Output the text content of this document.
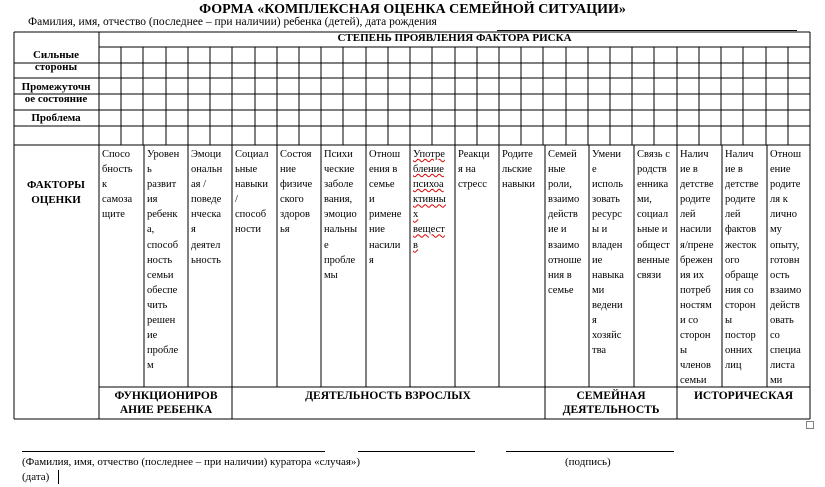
ФОРМА «КОМПЛЕКСНАЯ ОЦЕНКА СЕМЕЙНОЙ СИТУАЦИИ»
Фамилия, имя, отчество (последнее – при наличии) ребенка (детей), дата рождения
СТЕПЕНЬ ПРОЯВЛЕНИЯ ФАКТОРА РИСКА
Сильные
стороны
Промежуточн
ое состояние
Проблема
ФАКТОРЫ
ОЦЕНКИ
Спосо
бность
к
самоза
щите
Уровен
ь
развит
ия
ребенк
а,
способ
ность
семьи
обеспе
чить
решен
ие
пробле
м
Эмоци
ональн
ая /
поведе
нческа
я
деятел
ьность
Социал
ьные
навыки
/
способ
ности
Состоя
ние
физиче
ского
здоров
ья
Психи
ческие
заболе
вания,
эмоцио
нальны
е
пробле
мы
Отнош
ения в
семье
и
римене
ние
насили
я
Употре
бление
психоа
ктивны
х
вещест
в
Реакци
я на
стресс
Родите
льские
навыки
Семей
ные
роли,
взаимо
действ
ие и
взаимо
отноше
ния в
семье
Умени
е
исполь
зовать
ресурс
ы и
владен
ие
навыка
ми
ведени
я
хозяйс
тва
Связь с
родств
енника
ми,
социал
ьные и
общест
венные
связи
Налич
ие в
детстве
родите
лей
насили
я/прене
брежен
ия их
потреб
ностям
и со
сторон
ы
членов
семьи
Налич
ие в
детстве
родите
лей
фактов
жесток
ого
обраще
ния со
сторон
ы
постор
онних
лиц
Отнош
ение
родите
ля к
лично
му
опыту,
готовн
ость
взаимо
действ
овать
со
специа
листа
ми
ФУНКЦИОНИРОВ
АНИЕ РЕБЕНКА
ДЕЯТЕЛЬНОСТЬ ВЗРОСЛЫХ	СЕМЕЙНАЯ
ДЕЯТЕЛЬНОСТЬ
ИСТОРИЧЕСКАЯ
(Фамилия, имя, отчество (последнее – при наличии) куратора «случая»)	(подпись)
(дата)
